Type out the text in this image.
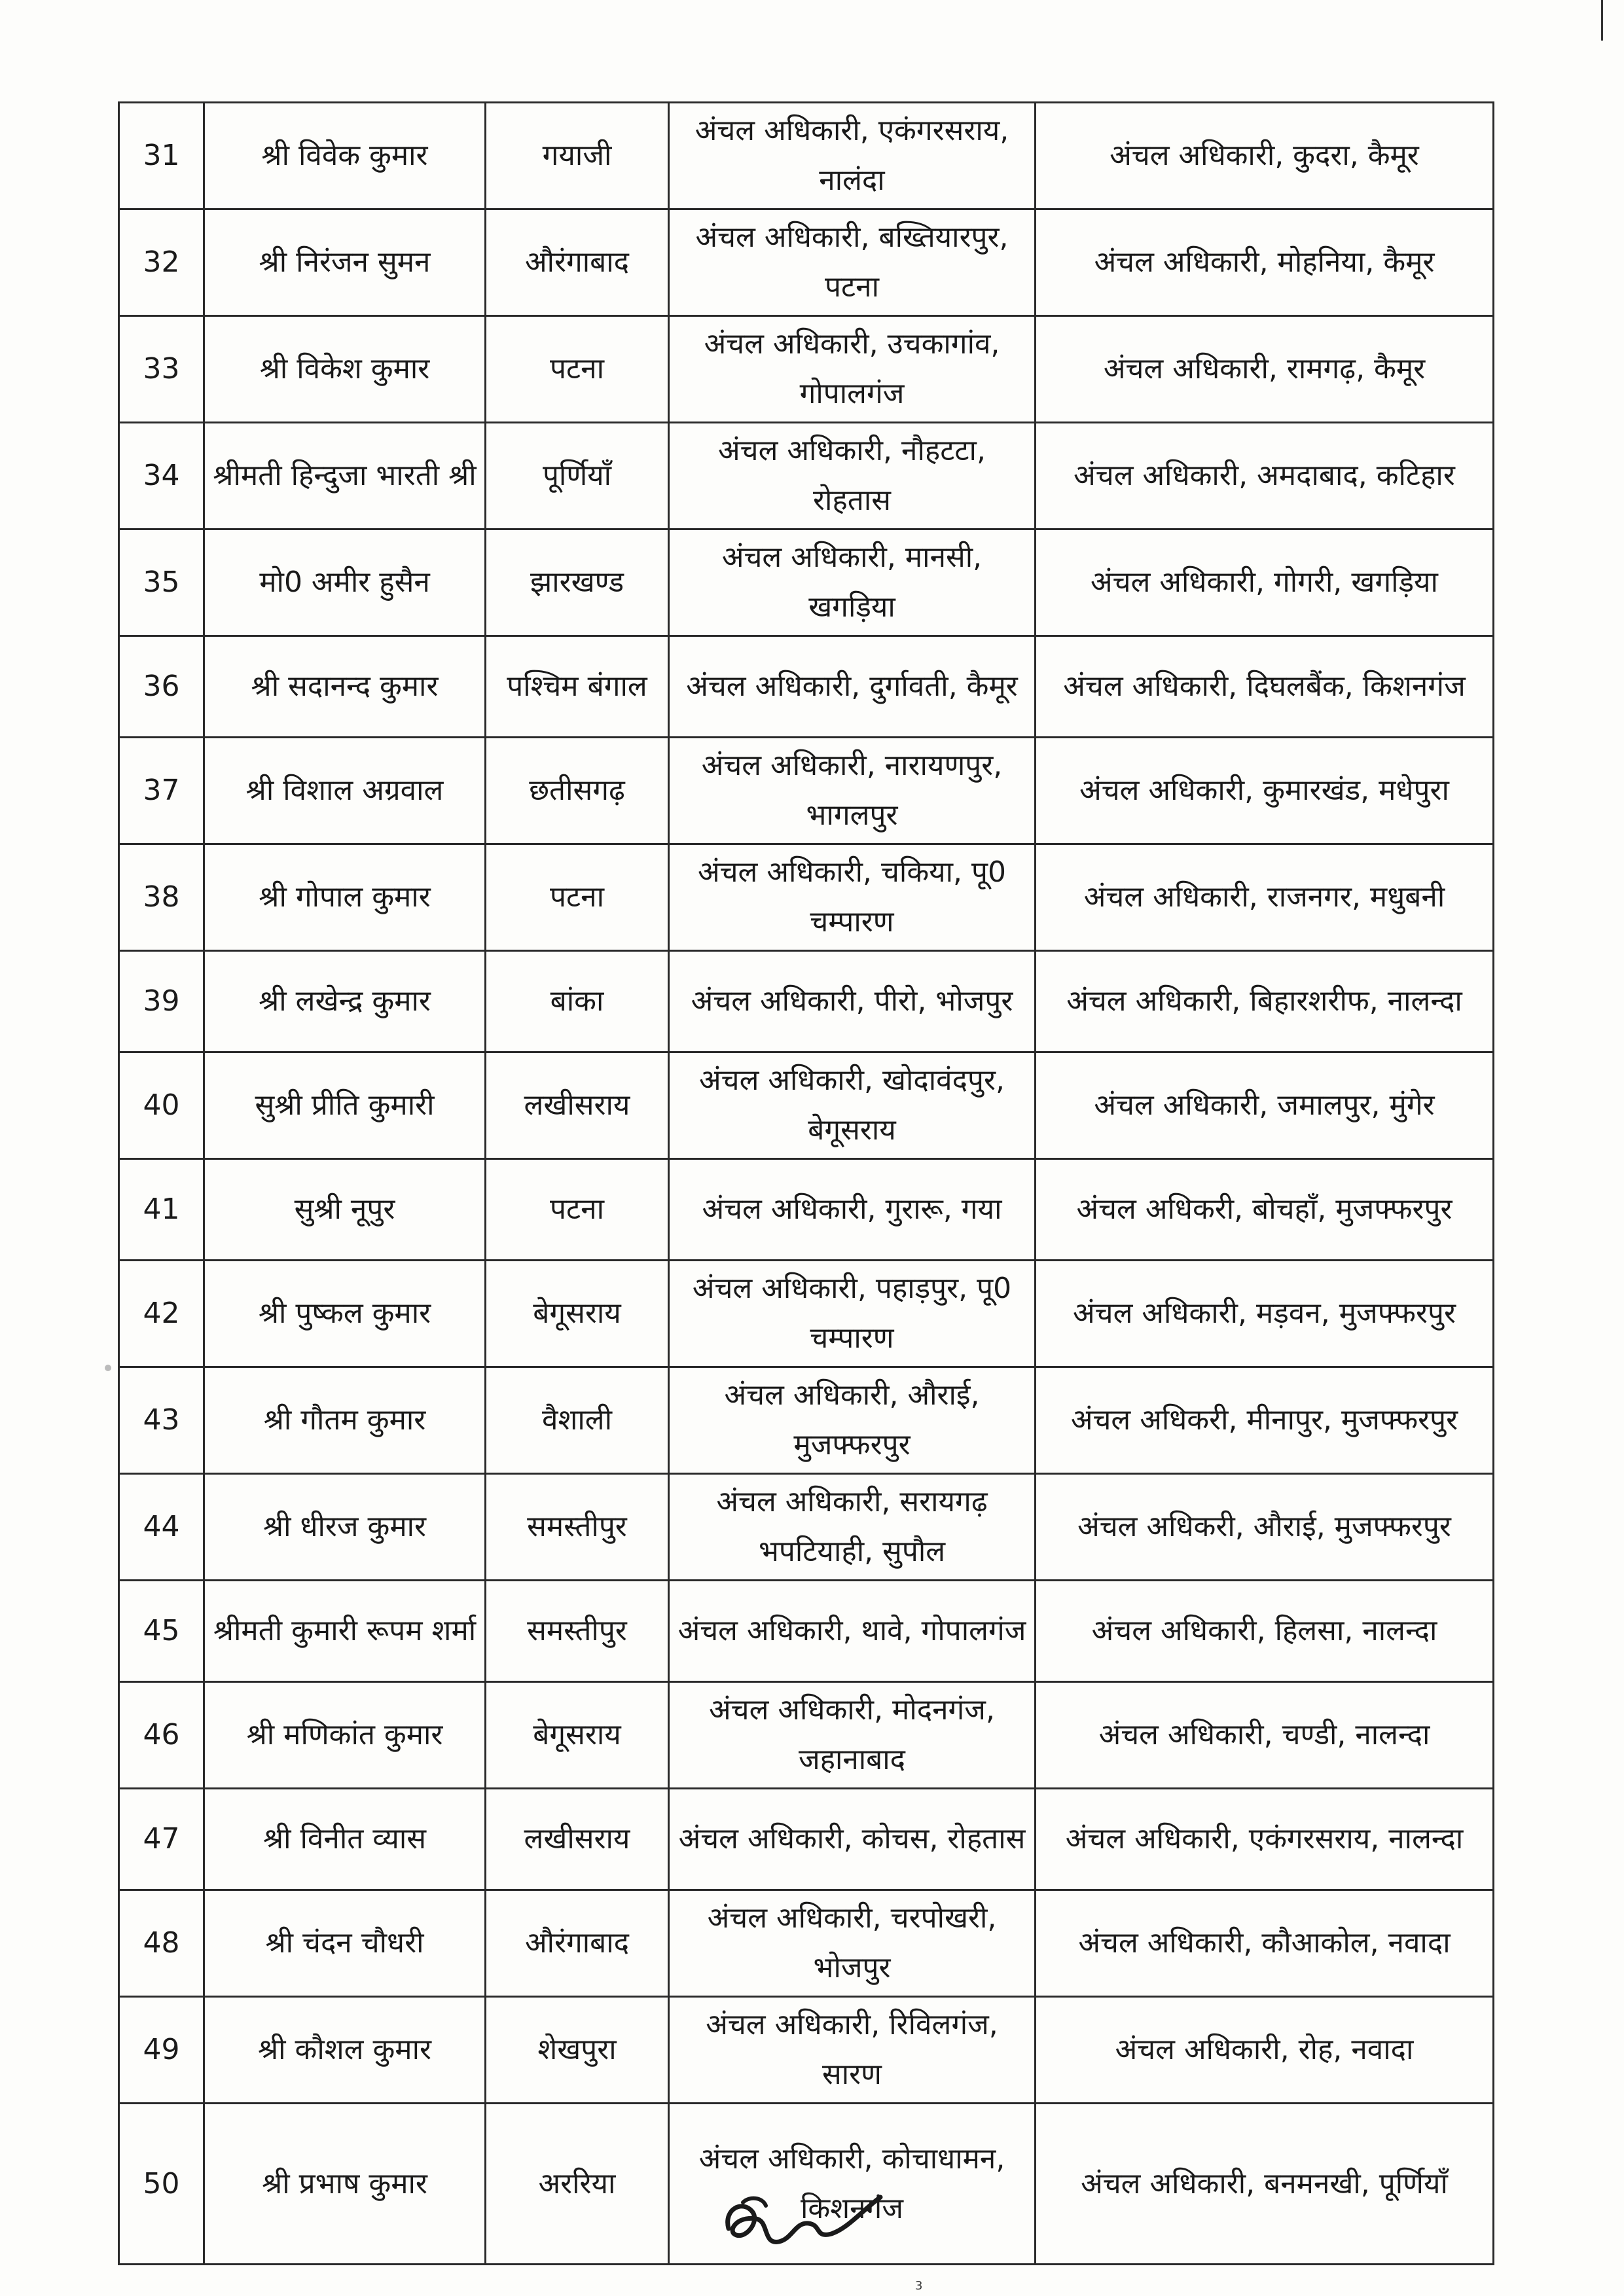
31	श्री विवेक कुमार	गयाजी	अंचल अधिकारी, एकंगरसराय, नालंदा	अंचल अधिकारी, कुदरा, कैमूर
32	श्री निरंजन सुमन	औरंगाबाद	अंचल अधिकारी, बख्तियारपुर, पटना	अंचल अधिकारी, मोहनिया, कैमूर
33	श्री विकेश कुमार	पटना	अंचल अधिकारी, उचकागांव, गोपालगंज	अंचल अधिकारी, रामगढ़, कैमूर
34	श्रीमती हिन्दुजा भारती श्री	पूर्णियाँ	अंचल अधिकारी, नौहटटा, रोहतास	अंचल अधिकारी, अमदाबाद, कटिहार
35	मो0 अमीर हुसैन	झारखण्ड	अंचल अधिकारी, मानसी, खगड़िया	अंचल अधिकारी, गोगरी, खगड़िया
36	श्री सदानन्द कुमार	पश्चिम बंगाल	अंचल अधिकारी, दुर्गावती, कैमूर	अंचल अधिकारी, दिघलबैंक, किशनगंज
37	श्री विशाल अग्रवाल	छतीसगढ़	अंचल अधिकारी, नारायणपुर, भागलपुर	अंचल अधिकारी, कुमारखंड, मधेपुरा
38	श्री गोपाल कुमार	पटना	अंचल अधिकारी, चकिया, पू0 चम्पारण	अंचल अधिकारी, राजनगर, मधुबनी
39	श्री लखेन्द्र कुमार	बांका	अंचल अधिकारी, पीरो, भोजपुर	अंचल अधिकारी, बिहारशरीफ, नालन्दा
40	सुश्री प्रीति कुमारी	लखीसराय	अंचल अधिकारी, खोदावंदपुर, बेगूसराय	अंचल अधिकारी, जमालपुर, मुंगेर
41	सुश्री नूपुर	पटना	अंचल अधिकारी, गुरारू, गया	अंचल अधिकरी, बोचहाँ, मुजफ्फरपुर
42	श्री पुष्कल कुमार	बेगूसराय	अंचल अधिकारी, पहाड़पुर, पू0 चम्पारण	अंचल अधिकारी, मड़वन, मुजफ्फरपुर
43	श्री गौतम कुमार	वैशाली	अंचल अधिकारी, औराई, मुजफ्फरपुर	अंचल अधिकरी, मीनापुर, मुजफ्फरपुर
44	श्री धीरज कुमार	समस्तीपुर	अंचल अधिकारी, सरायगढ़ भपटियाही, सुपौल	अंचल अधिकरी, औराई, मुजफ्फरपुर
45	श्रीमती कुमारी रूपम शर्मा	समस्तीपुर	अंचल अधिकारी, थावे, गोपालगंज	अंचल अधिकारी, हिलसा, नालन्दा
46	श्री मणिकांत कुमार	बेगूसराय	अंचल अधिकारी, मोदनगंज, जहानाबाद	अंचल अधिकारी, चण्डी, नालन्दा
47	श्री विनीत व्यास	लखीसराय	अंचल अधिकारी, कोचस, रोहतास	अंचल अधिकारी, एकंगरसराय, नालन्दा
48	श्री चंदन चौधरी	औरंगाबाद	अंचल अधिकारी, चरपोखरी, भोजपुर	अंचल अधिकारी, कौआकोल, नवादा
49	श्री कौशल कुमार	शेखपुरा	अंचल अधिकारी, रिविलगंज, सारण	अंचल अधिकारी, रोह, नवादा
50	श्री प्रभाष कुमार	अररिया	अंचल अधिकारी, कोचाधामन, किशनगंज	अंचल अधिकारी, बनमनखी, पूर्णियाँ
3
